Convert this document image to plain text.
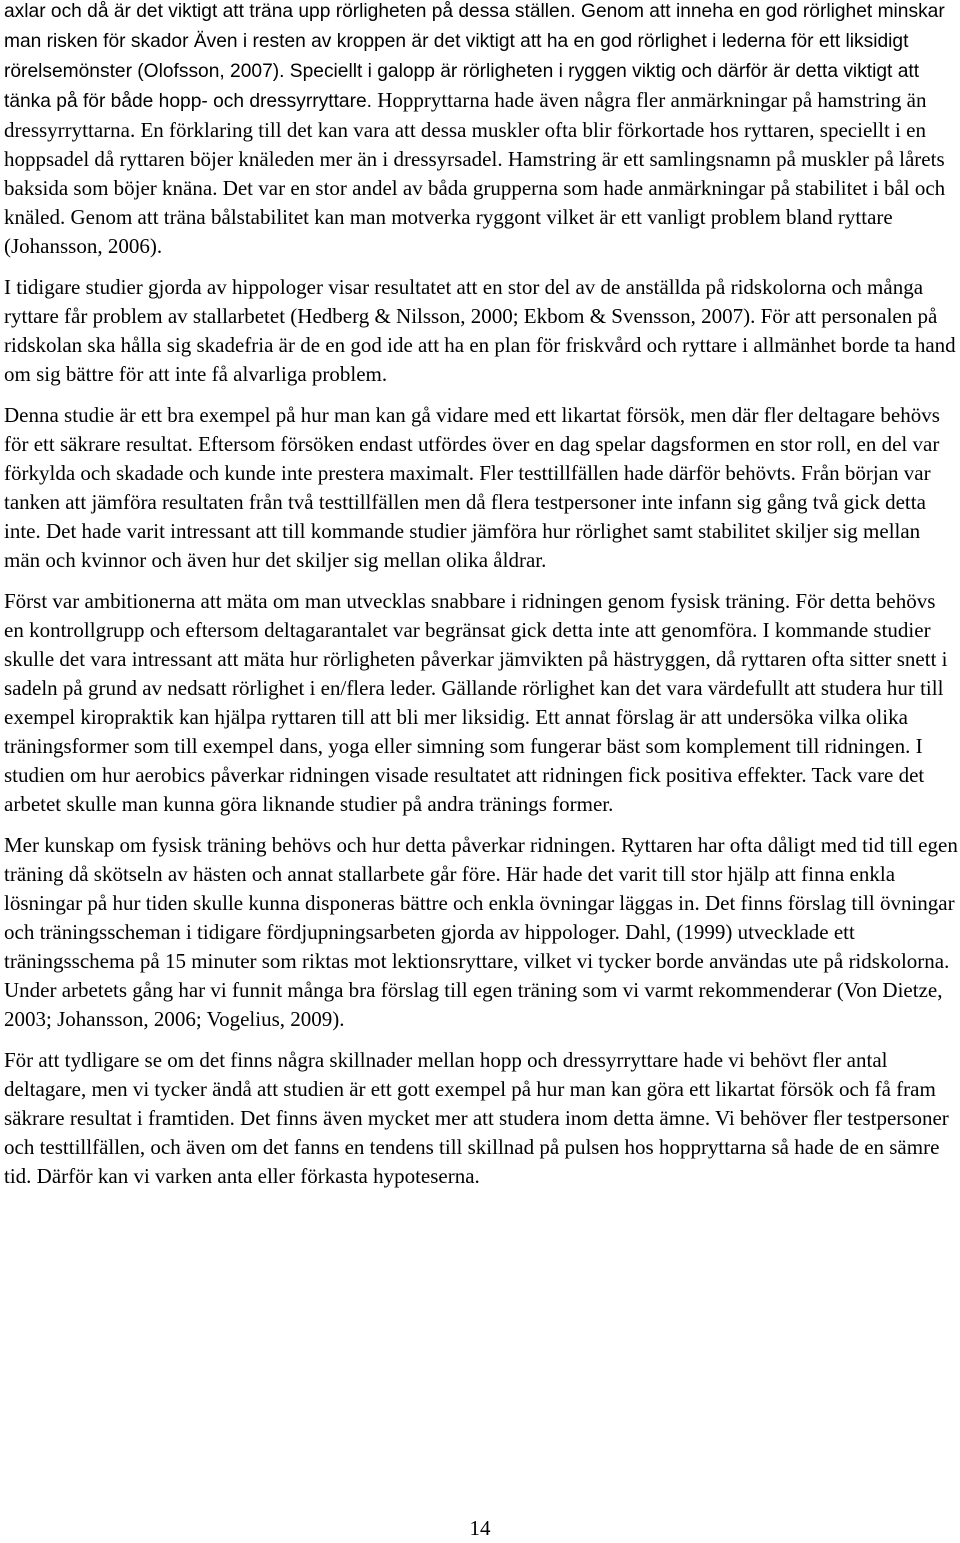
axlar och då är det viktigt att träna upp rörligheten på dessa ställen. Genom att inneha en god rörlighet minskar man risken för skador Även i resten av kroppen är det viktigt att ha en god rörlighet i lederna för ett liksidigt rörelsemönster (Olofsson, 2007). Speciellt i galopp är rörligheten i ryggen viktig och därför är detta viktigt att tänka på för både hopp- och dressyrryttare. Hoppryttarna hade även några fler anmärkningar på hamstring än dressyrryttarna. En förklaring till det kan vara att dessa muskler ofta blir förkortade hos ryttaren, speciellt i en hoppsadel då ryttaren böjer knäleden mer än i dressyrsadel. Hamstring är ett samlingsnamn på muskler på lårets baksida som böjer knäna. Det var en stor andel av båda grupperna som hade anmärkningar på stabilitet i bål och knäled. Genom att träna bålstabilitet kan man motverka ryggont vilket är ett vanligt problem bland ryttare (Johansson, 2006).

I tidigare studier gjorda av hippologer visar resultatet att en stor del av de anställda på ridskolorna och många ryttare får problem av stallarbetet (Hedberg & Nilsson, 2000; Ekbom & Svensson, 2007). För att personalen på ridskolan ska hålla sig skadefria är de en god ide att ha en plan för friskvård och ryttare i allmänhet borde ta hand om sig bättre för att inte få alvarliga problem.

Denna studie är ett bra exempel på hur man kan gå vidare med ett likartat försök, men där fler deltagare behövs för ett säkrare resultat. Eftersom försöken endast utfördes över en dag spelar dagsformen en stor roll, en del var förkylda och skadade och kunde inte prestera maximalt. Fler testtillfällen hade därför behövts. Från början var tanken att jämföra resultaten från två testtillfällen men då flera testpersoner inte infann sig gång två gick detta inte. Det hade varit intressant att till kommande studier jämföra hur rörlighet samt stabilitet skiljer sig mellan män och kvinnor och även hur det skiljer sig mellan olika åldrar.

Först var ambitionerna att mäta om man utvecklas snabbare i ridningen genom fysisk träning. För detta behövs en kontrollgrupp och eftersom deltagarantalet var begränsat gick detta inte att genomföra. I kommande studier skulle det vara intressant att mäta hur rörligheten påverkar jämvikten på hästryggen, då ryttaren ofta sitter snett i sadeln på grund av nedsatt rörlighet i en/flera leder. Gällande rörlighet kan det vara värdefullt att studera hur till exempel kiropraktik kan hjälpa ryttaren till att bli mer liksidig. Ett annat förslag är att undersöka vilka olika träningsformer som till exempel dans, yoga eller simning som fungerar bäst som komplement till ridningen. I studien om hur aerobics påverkar ridningen visade resultatet att ridningen fick positiva effekter. Tack vare det arbetet skulle man kunna göra liknande studier på andra tränings former.

Mer kunskap om fysisk träning behövs och hur detta påverkar ridningen. Ryttaren har ofta dåligt med tid till egen träning då skötseln av hästen och annat stallarbete går före. Här hade det varit till stor hjälp att finna enkla lösningar på hur tiden skulle kunna disponeras bättre och enkla övningar läggas in. Det finns förslag till övningar och träningsscheman i tidigare fördjupningsarbeten gjorda av hippologer. Dahl, (1999) utvecklade ett träningsschema på 15 minuter som riktas mot lektionsryttare, vilket vi tycker borde användas ute på ridskolorna. Under arbetets gång har vi funnit många bra förslag till egen träning som vi varmt rekommenderar (Von Dietze, 2003; Johansson, 2006; Vogelius, 2009).

För att tydligare se om det finns några skillnader mellan hopp och dressyrryttare hade vi behövt fler antal deltagare, men vi tycker ändå att studien är ett gott exempel på hur man kan göra ett likartat försök och få fram säkrare resultat i framtiden. Det finns även mycket mer att studera inom detta ämne. Vi behöver fler testpersoner och testtillfällen, och även om det fanns en tendens till skillnad på pulsen hos hoppryttarna så hade de en sämre tid. Därför kan vi varken anta eller förkasta hypoteserna.

14
